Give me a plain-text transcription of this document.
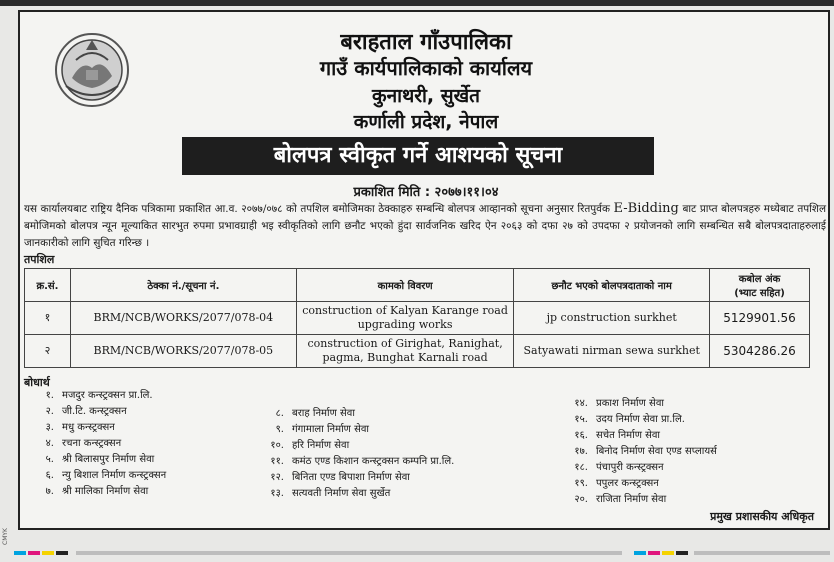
बराहताल गाँउपालिका
गाउँ कार्यपालिकाको कार्यालय
कुनाथरी, सुर्खेत
कर्णाली प्रदेश, नेपाल
बोलपत्र स्वीकृत गर्ने आशयको सूचना
प्रकाशित मिति : २०७७।११।०४
यस कार्यालयबाट राष्ट्रिय दैनिक पत्रिकामा प्रकाशित आ.व. २०७७/०७८ को तपशिल बमोजिमका ठेक्काहरु सम्बन्धि बोलपत्र आव्हानको सूचना अनुसार रितपुर्वक E-Bidding बाट प्राप्त बोलपत्रहरु मध्येबाट तपशिल बमोजिमको बोलपत्र न्यून मूल्याकित सारभुत रुपमा प्रभावग्राही भइ स्वीकृतिको लागि छनौट भएको हुंदा सार्वजनिक खरिद ऐन २०६३ को दफा २७ को उपदफा २ प्रयोजनको लागि सम्बन्धित सबै बोलपत्रदाताहरुलाई जानकारीको लागि सुचित गरिन्छ ।
तपशिल
क्र.सं.	ठेक्का नं./सूचना नं.	कामको विवरण	छनौट भएको बोलपत्रदाताको नाम	कबोल अंक
(भ्याट सहित)

१	BRM/NCB/WORKS/2077/078-04	construction of Kalyan Karange road upgrading works	jp construction surkhet	5129901.56
२	BRM/NCB/WORKS/2077/078-05	construction of Girighat, Ranighat, pagma, Bunghat Karnali road	Satyawati nirman sewa surkhet	5304286.26
बोधार्थ
१. मजदुर कन्स्ट्रक्सन प्रा.लि.
२. जी.टि. कन्स्ट्रक्सन
३. मधु कन्स्ट्रक्सन
४. रचना कन्स्ट्रक्सन
५. श्री बिलासपुर निर्माण सेवा
६. न्यु बिशाल निर्माण कन्स्ट्रक्सन
७. श्री मालिका निर्माण सेवा
८. बराह निर्माण सेवा
९. गंगामाला निर्माण सेवा
१०. हरि निर्माण सेवा
११. कमंठ एण्ड किशान कन्स्ट्रक्सन कम्पनि प्रा.लि.
१२. बिनिता एण्ड बिपाशा निर्माण सेवा
१३. सत्यवती निर्माण सेवा सुर्खेत
१४. प्रकाश निर्माण सेवा
१५. उदय निर्माण सेवा प्रा.लि.
१६. सचेत निर्माण सेवा
१७. बिनोद निर्माण सेवा एण्ड सप्लायर्स
१८. पंचापुरी कन्स्ट्रक्सन
१९. पपुलर कन्स्ट्रक्सन
२०. राजिता निर्माण सेवा
प्रमुख प्रशासकीय अधिकृत
CMYK
